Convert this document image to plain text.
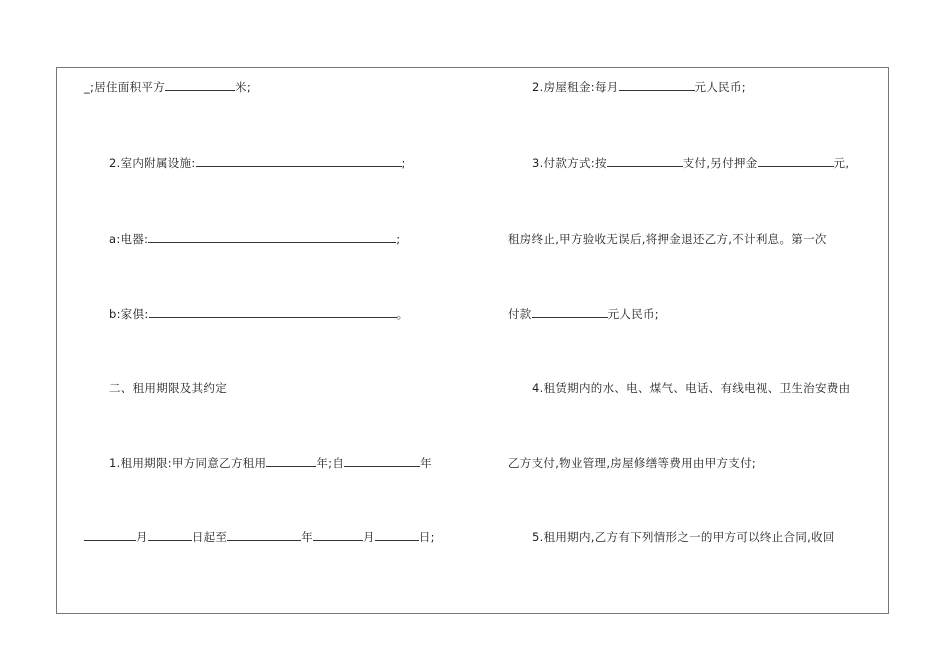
_;居住面积平方	米;
2.室内附属设施:	;
a:电器:	;
b:家俱:	。
二、租用期限及其约定
1.租用期限:甲方同意乙方租用	年;自	年
月	日起至	年	月	日;
2.房屋租金:每月	元人民币;
3.付款方式:按	支付,另付押金	元,
租房终止,甲方验收无误后,将押金退还乙方,不计利息。第一次
付款	元人民币;
4.租赁期内的水、电、煤气、电话、有线电视、卫生治安费由
乙方支付,物业管理,房屋修缮等费用由甲方支付;
5.租用期内,乙方有下列情形之一的甲方可以终止合同,收回
